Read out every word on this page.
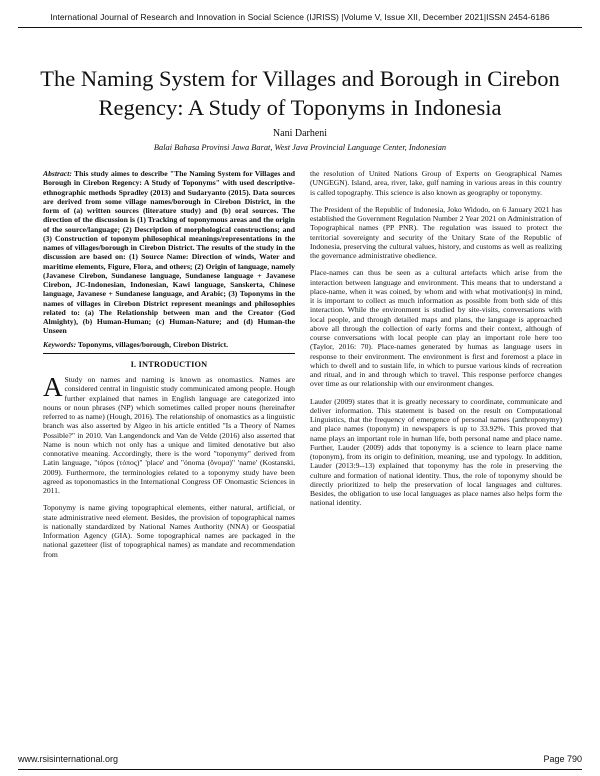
International Journal of Research and Innovation in Social Science (IJRISS) |Volume V, Issue XII, December 2021|ISSN 2454-6186
The Naming System for Villages and Borough in Cirebon Regency: A Study of Toponyms in Indonesia
Nani Darheni
Balai Bahasa Provinsi Jawa Barat, West Java Provincial Language Center, Indonesian

Abstract: This study aimes to describe "The Naming System for Villages and Borough in Cirebon Regency: A Study of Toponyms" with used descriptive-ethnographic methods Spradley (2013) and Sudaryanto (2015). Data sources are derived from some village names/borough in Cirebon District, in the form of (a) written sources (literature study) and (b) oral sources. The direction of the discussion is (1) Tracking of toponymous areas and the origin of the source/language; (2) Description of morphological constructions; and (3) Construction of toponym philosophical meanings/representations in the names of villages/borough in Cirebon District. The results of the study in the discussion are based on: (1) Source Name: Direction of winds, Water and maritime elements, Figure, Flora, and others; (2) Origin of language, namely (Javanese Cirebon, Sundanese language, Sundanese language + Javanese Cirebon, JC-Indonesian, Indonesian, Kawi language, Sanskerta, Chinese language, Javanese + Sundanese language, and Arabic; (3) Toponyms in the names of villages in Cirebon District represent meanings and philosophies related to: (a) The Relationship between man and the Creator (God Almighty), (b) Human-Human; (c) Human-Nature; and (d) Human-the Unseen

Keywords: Toponyms, villages/borough, Cirebon District.

I. INTRODUCTION

A Study on names and naming is known as onomastics. Names are considered central in linguistic study communicated among people. Hough further explained that names in English language are categorized into nouns or noun phrases (NP) which sometimes called proper nouns (hereinafter referred to as name) (Hough, 2016). The relationship of onomastics as a linguistic branch was also asserted by Algeo in his article entitled "Is a Theory of Names Possible?" in 2010. Van Langendonck and Van de Velde (2016) also asserted that Name is noun which not only has a unique and limited denotative but also connotative meaning. Accordingly, there is the word "toponymy" derived from Latin language, "tópos (τόπος)" 'place' and "ónoma (ὄνομα)" 'name' (Kostanski, 2009). Furthermore, the terminologies related to a toponymy study have been agreed as toponomastics in the International Congress OF Onomastic Sciences in 2011.

Toponymy is name giving topographical elements, either natural, artificial, or state administrative need element. Besides, the provision of topographical names is nationally standardized by National Names Authority (NNA) or Geospatial Information Agency (GIA). Some topographical names are packaged in the national gazetteer (list of topographical names) as mandate and recommendation from

the resolution of United Nations Group of Experts on Geographical Names (UNGEGN). Island, area, river, lake, gulf naming in various areas in this country is called topography. This science is also known as geography or toponymy.

The President of the Republic of Indonesia, Joko Widodo, on 6 January 2021 has established the Government Regulation Number 2 Year 2021 on Administration of Topographical names (PP PNR). The regulation was issued to protect the territorial sovereignty and security of the Unitary State of the Republic of Indonesia, preserving the cultural values, history, and customs as well as realizing the governance administrative obedience.

Place-names can thus be seen as a cultural artefacts which arise from the interaction between language and environment. This means that to understand a place-name, when it was coined, by whom and with what motivation(s) in mind, it is important to collect as much information as possible from both side of this interaction. While the environment is studied by site-visits, conversations with local people, and through detailed maps and plans, the language is approached above all through the collection of early forms and their context, although of course conversations with local people can play an important role here too (Taylor, 2016: 70). Place-names generated by humas as language users in response to their environment. The environment is first and foremost a place in which to dwell and to sustain life, in which to pursue various kinds of recreation and ritual, and in and through which to travel. This response perforce changes over time as our relationship with our environment changes.

Lauder (2009) states that it is greatly necessary to coordinate, communicate and deliver information. This statement is based on the result on Computational Linguistics, that the frequency of emergence of personal names (anthroponymy) and place names (toponym) in newspapers is up to 33.92%. This proved that name plays an important role in human life, both personal name and place name. Further, Lauder (2009) adds that toponymy is a science to learn place name (toponym), from its origin to definition, meaning, use and typology. In addition, Lauder (2013:9--13) explained that toponymy has the role in preserving the culture and formation of national identity. Thus, the role of toponymy should be directly prioritized to help the preservation of local languages and cultures. Besides, the obligation to use local languages as place names also helps form the national identity.

www.rsisinternational.org	Page 790
